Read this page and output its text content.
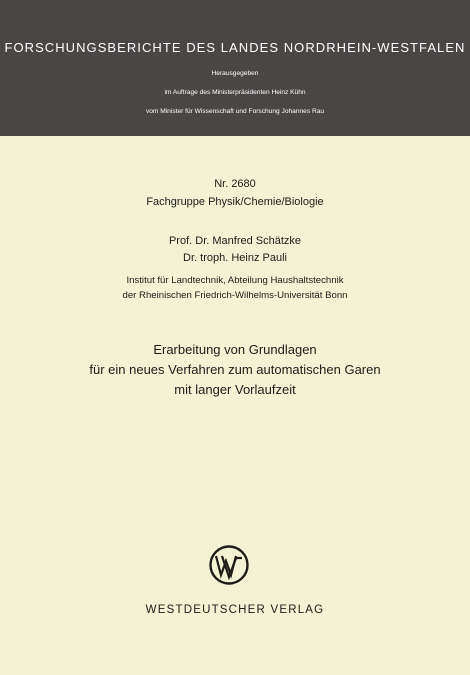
FORSCHUNGSBERICHTE DES LANDES NORDRHEIN-WESTFALEN
Herausgegeben
im Auftrage des Ministerpräsidenten Heinz Kühn
vom Minister für Wissenschaft und Forschung Johannes Rau
Nr. 2680
Fachgruppe Physik/Chemie/Biologie
Prof. Dr. Manfred Schätzke
Dr. troph. Heinz Pauli
Institut für Landtechnik, Abteilung Haushaltstechnik
der Rheinischen Friedrich-Wilhelms-Universität Bonn
Erarbeitung von Grundlagen
für ein neues Verfahren zum automatischen Garen
mit langer Vorlaufzeit
WESTDEUTSCHER VERLAG
